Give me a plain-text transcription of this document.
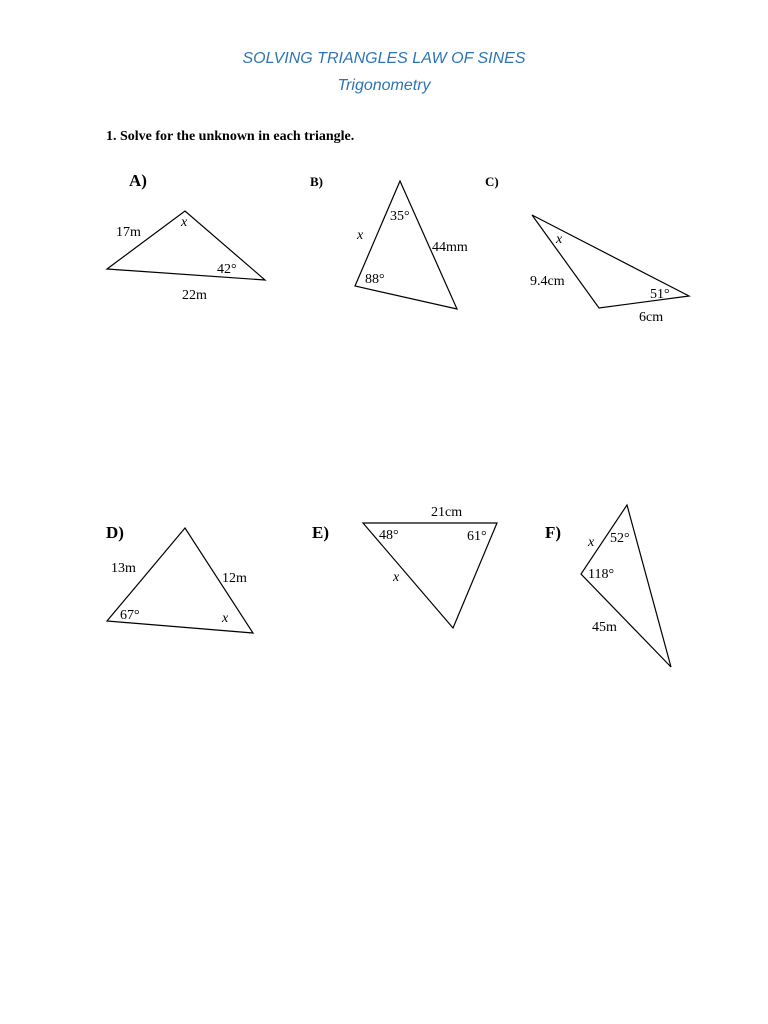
SOLVING TRIANGLES LAW OF SINES
Trigonometry

1. Solve for the unknown in each triangle.

A)
17m
22m
42°
x
B)
35°
88°
44mm
x
C)
x
9.4cm
51°
6cm
D)
13m
12m
67°	x
E)
21cm
48°	61°
x
F)
x 52°
118°
45m
